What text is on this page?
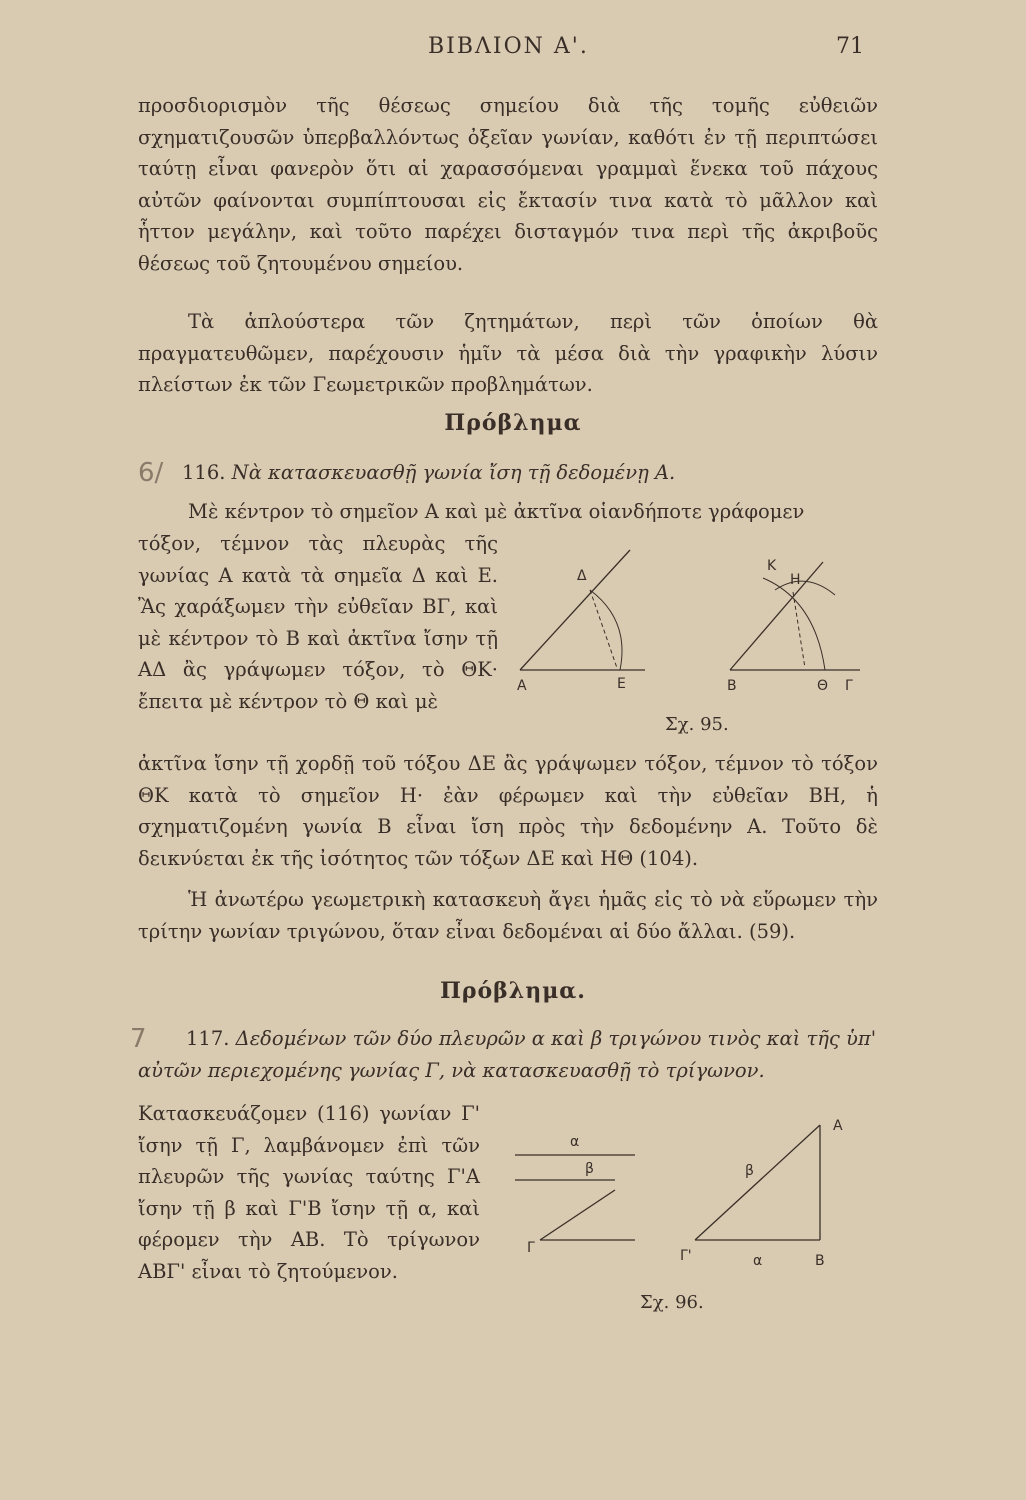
ΒΙΒΛΙΟΝ Α'.	71
προσδιορισμὸν τῆς θέσεως σημείου διὰ τῆς τομῆς εὐθειῶν σχηματιζουσῶν ὑπερβαλλόντως ὀξεῖαν γωνίαν, καθότι ἐν τῇ περιπτώσει ταύτῃ εἶναι φανερὸν ὅτι αἱ χαρασσόμεναι γραμμαὶ ἕνεκα τοῦ πάχους αὐτῶν φαίνονται συμπίπτουσαι εἰς ἔκτασίν τινα κατὰ τὸ μᾶλλον καὶ ἧττον μεγάλην, καὶ τοῦτο παρέχει δισταγμόν τινα περὶ τῆς ἀκριβοῦς θέσεως τοῦ ζητουμένου σημείου.
Τὰ ἁπλούστερα τῶν ζητημάτων, περὶ τῶν ὁποίων θὰ πραγματευθῶμεν, παρέχουσιν ἡμῖν τὰ μέσα διὰ τὴν γραφικὴν λύσιν πλείστων ἐκ τῶν Γεωμετρικῶν προβλημάτων.
Πρόβλημα
6/ 116. Νὰ κατασκευασθῇ γωνία ἴση τῇ δεδομένῃ Α.
Μὲ κέντρον τὸ σημεῖον Α καὶ μὲ ἀκτῖνα οἱανδήποτε γράφομεν
τόξον, τέμνον τὰς πλευρὰς τῆς γωνίας Α κατὰ τὰ σημεῖα Δ καὶ Ε. Ἂς χαράξωμεν τὴν εὐθεῖαν ΒΓ, καὶ μὲ κέντρον τὸ Β καὶ ἀκτῖνα ἴσην τῇ ΑΔ ἂς γράψωμεν τόξον, τὸ ΘΚ· ἔπειτα μὲ κέντρον τὸ Θ καὶ μὲ
Α
Δ
Ε	Β	Θ Γ
Κ
Η
Σχ. 95.
ἀκτῖνα ἴσην τῇ χορδῇ τοῦ τόξου ΔΕ ἂς γράψωμεν τόξον, τέμνον τὸ τόξον ΘΚ κατὰ τὸ σημεῖον Η· ἐὰν φέρωμεν καὶ τὴν εὐθεῖαν ΒΗ, ἡ σχηματιζομένη γωνία Β εἶναι ἴση πρὸς τὴν δεδομένην Α. Τοῦτο δὲ δεικνύεται ἐκ τῆς ἰσότητος τῶν τόξων ΔΕ καὶ ΗΘ (104).
Ἡ ἀνωτέρω γεωμετρικὴ κατασκευὴ ἄγει ἡμᾶς εἰς τὸ νὰ εὕρωμεν τὴν τρίτην γωνίαν τριγώνου, ὅταν εἶναι δεδομέναι αἱ δύο ἄλλαι. (59).
Πρόβλημα.
7	117. Δεδομένων τῶν δύο πλευρῶν α καὶ β τριγώνου τινὸς καὶ τῆς ὑπ' αὐτῶν περιεχομένης γωνίας Γ, νὰ κατασκευασθῇ τὸ τρίγωνον.
Κατασκευάζομεν (116) γωνίαν Γ' ἴσην τῇ Γ, λαμβάνομεν ἐπὶ τῶν πλευρῶν τῆς γωνίας ταύτης Γ'Α ἴσην τῇ β καὶ Γ'Β ἴσην τῇ α, καὶ φέρομεν τὴν ΑΒ. Τὸ τρίγωνον ΑΒΓ' εἶναι τὸ ζητούμενον.
α
β
Γ	Γ'	α	Β
β
Α
Σχ. 96.
